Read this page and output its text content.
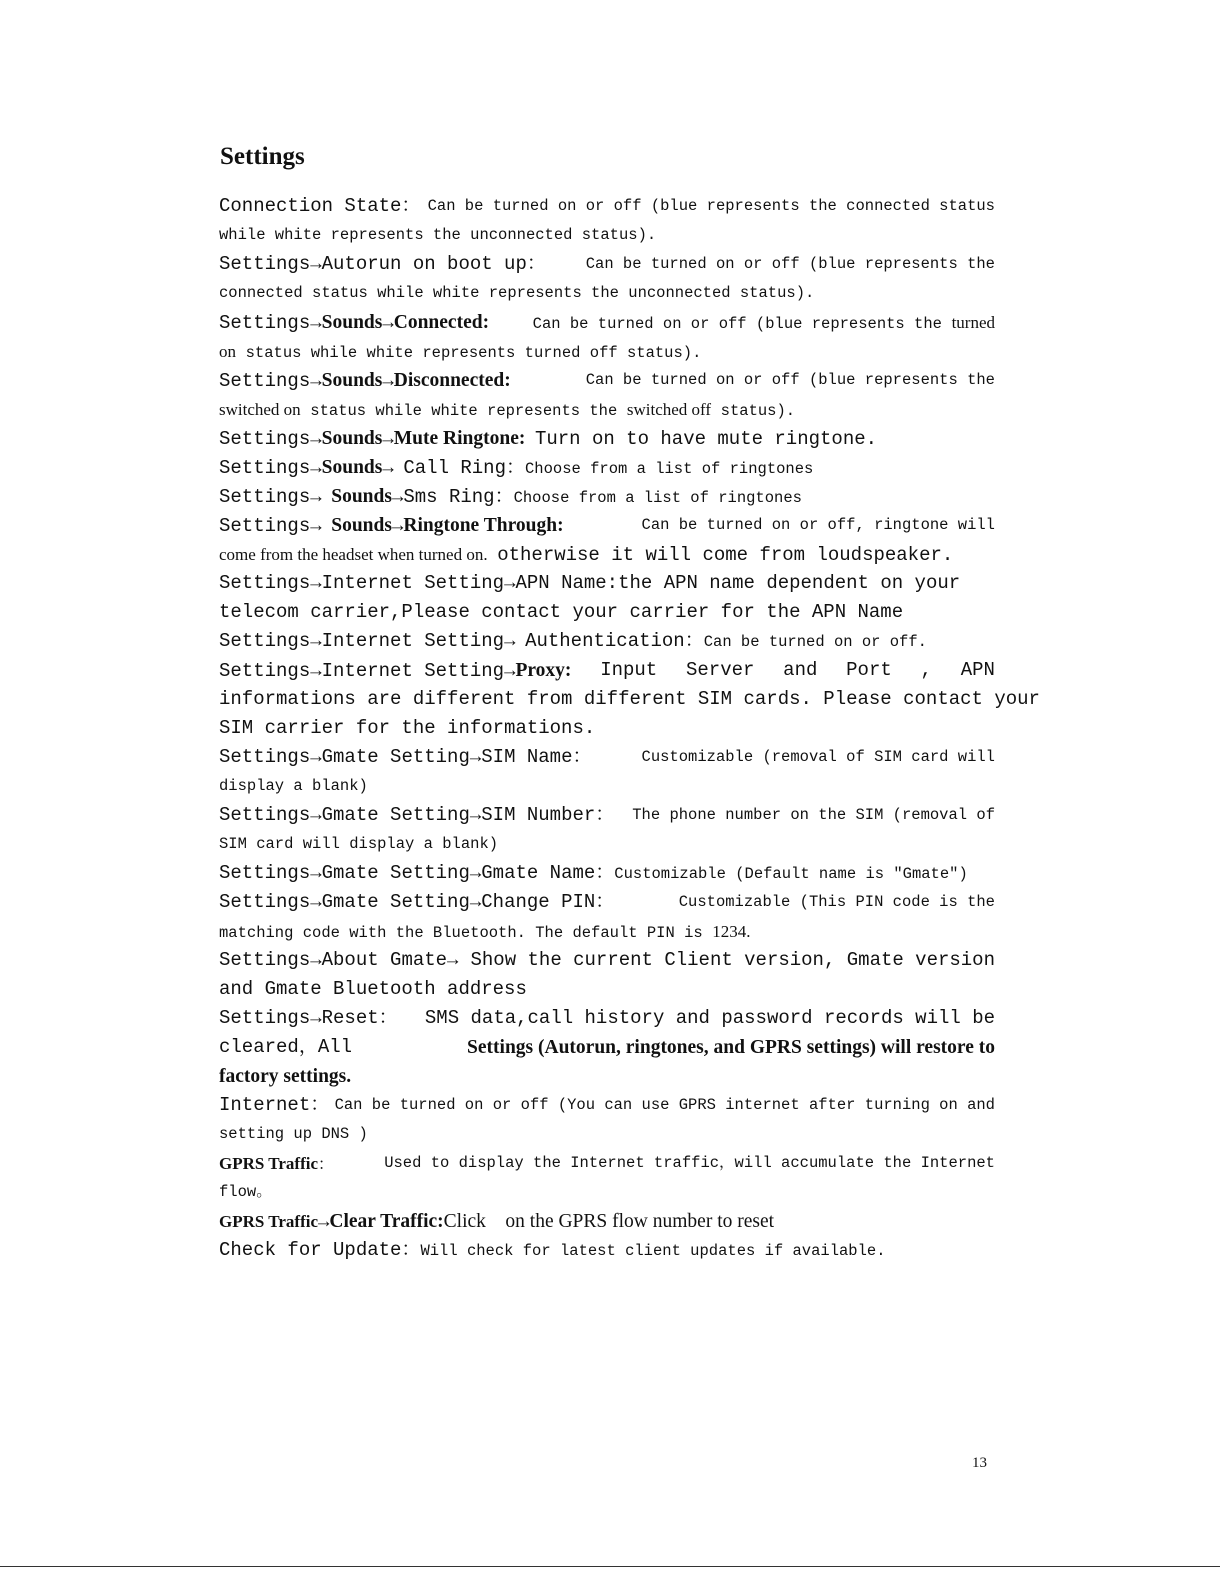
Settings
Connection State： Can be turned on or off (blue represents the connected status
while white represents the unconnected status).
Settings→Autorun on boot up：	Can be turned on or off (blue represents the
connected status while white represents the unconnected status).
Settings→Sounds→Connected:	Can be turned on or off (blue represents the turned
on status while white represents turned off status).
Settings→Sounds→Disconnected:	Can be turned on or off (blue represents the
switched on status while white represents the switched off status).
Settings→Sounds→Mute Ringtone: Turn on to have mute ringtone.
Settings→Sounds→ Call Ring：Choose from a list of ringtones
Settings→ Sounds→Sms Ring：Choose from a list of ringtones
Settings→ Sounds→Ringtone Through:	Can be turned on or off, ringtone will
come from the headset when turned on. otherwise it will come from loudspeaker.
Settings→Internet Setting→APN Name:the APN name dependent on your
telecom carrier,Please contact your carrier for the APN Name
Settings→Internet Setting→ Authentication：Can be turned on or off.
Settings→Internet Setting→Proxy: Input Server and Port , APN
informations are different from different SIM cards. Please contact your
SIM carrier for the informations.
Settings→Gmate Setting→SIM Name：	Customizable (removal of SIM card will
display a blank)
Settings→Gmate Setting→SIM Number： The phone number on the SIM (removal of
SIM card will display a blank)
Settings→Gmate Setting→Gmate Name：Customizable (Default name is "Gmate")
Settings→Gmate Setting→Change PIN：	Customizable (This PIN code is the
matching code with the Bluetooth. The default PIN is 1234.
Settings→About Gmate→ Show the current Client version, Gmate version
and Gmate Bluetooth address
Settings→Reset： SMS data,call history and password records will be
cleared，All	Settings (Autorun, ringtones, and GPRS settings) will restore to
factory settings.
Internet： Can be turned on or off (You can use GPRS internet after turning on and
setting up DNS )
GPRS Traffic：	Used to display the Internet traffic，will accumulate the Internet
flow。
GPRS Traffic→Clear Traffic:Click    on the GPRS flow number to reset
Check for Update：Will check for latest client updates if available.
13
